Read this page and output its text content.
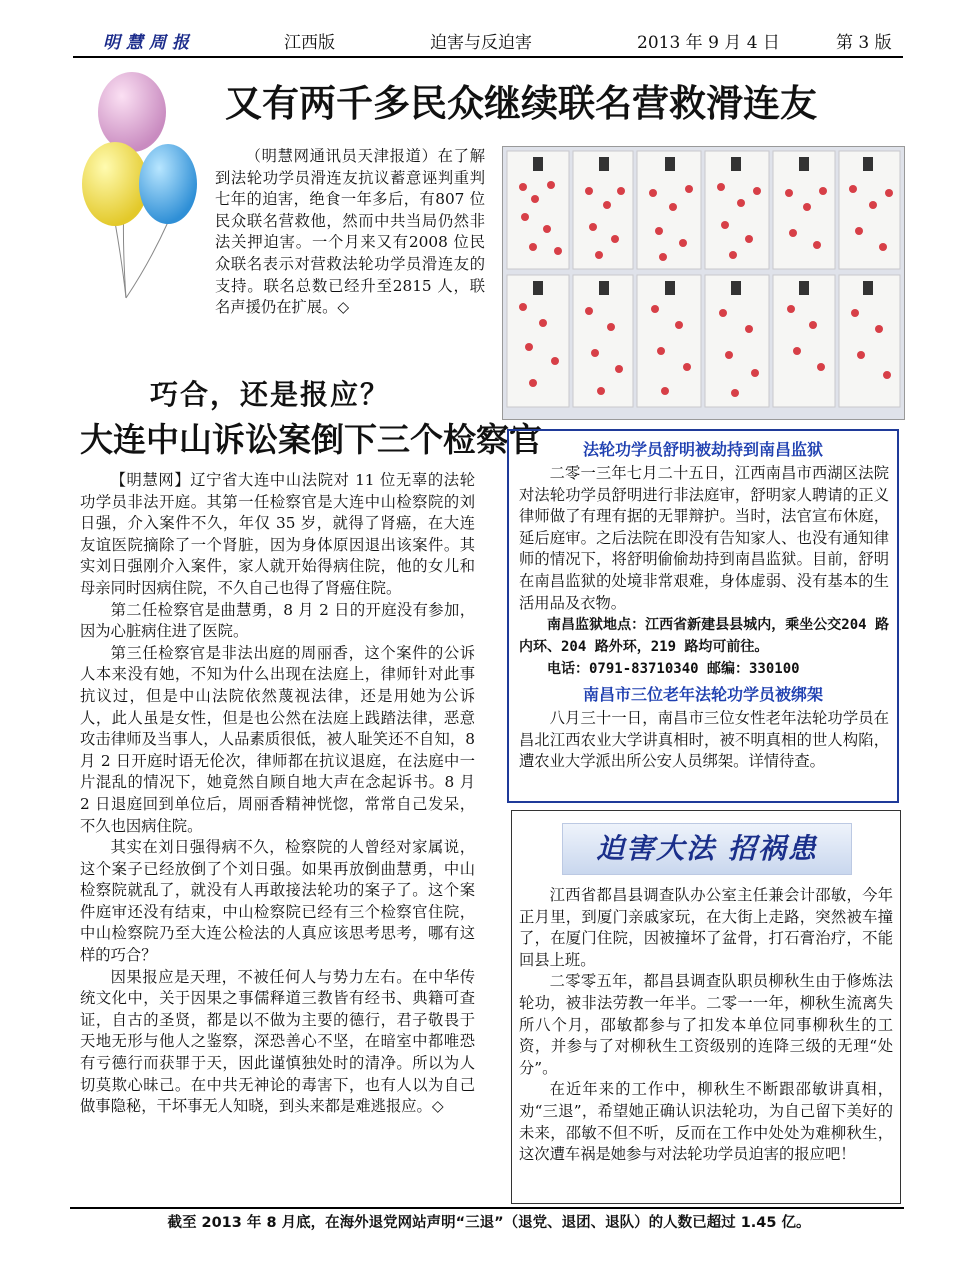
明慧周报	江西版	迫害与反迫害	2013 年 9 月 4 日	第 3 版
又有两千多民众继续联名营救滑连友

（明慧网通讯员天津报道）在了解到法轮功学员滑连友抗议蓄意诬判重判七年的迫害，绝食一年多后，有807 位民众联名营救他，然而中共当局仍然非法关押迫害。一个月来又有2008 位民众联名表示对营救法轮功学员滑连友的支持。联名总数已经升至2815 人，联名声援仍在扩展。◇

巧合，还是报应？
大连中山诉讼案倒下三个检察官

【明慧网】辽宁省大连中山法院对 11 位无辜的法轮功学员非法开庭。其第一任检察官是大连中山检察院的刘日强，介入案件不久，年仅 35 岁，就得了肾癌，在大连友谊医院摘除了一个肾脏，因为身体原因退出该案件。其实刘日强刚介入案件，家人就开始得病住院，他的女儿和母亲同时因病住院，不久自己也得了肾癌住院。

第二任检察官是曲慧勇，8 月 2 日的开庭没有参加，因为心脏病住进了医院。

第三任检察官是非法出庭的周丽香，这个案件的公诉人本来没有她，不知为什么出现在法庭上，律师针对此事抗议过，但是中山法院依然蔑视法律，还是用她为公诉人，此人虽是女性，但是也公然在法庭上践踏法律，恶意攻击律师及当事人，人品素质很低，被人耻笑还不自知，8 月 2 日开庭时语无伦次，律师都在抗议退庭，在法庭中一片混乱的情况下，她竟然自顾自地大声在念起诉书。8 月 2 日退庭回到单位后，周丽香精神恍惚，常常自己发呆，不久也因病住院。

其实在刘日强得病不久，检察院的人曾经对家属说，这个案子已经放倒了个刘日强。如果再放倒曲慧勇，中山检察院就乱了，就没有人再敢接法轮功的案子了。这个案件庭审还没有结束，中山检察院已经有三个检察官住院，中山检察院乃至大连公检法的人真应该思考思考，哪有这样的巧合？

因果报应是天理，不被任何人与势力左右。在中华传统文化中，关于因果之事儒释道三教皆有经书、典籍可查证，自古的圣贤，都是以不做为主要的德行，君子敬畏于天地无形与他人之鉴察，深恐善心不坚，在暗室中都唯恐有亏德行而获罪于天，因此谨慎独处时的清净。所以为人切莫欺心昧己。在中共无神论的毒害下，也有人以为自己做事隐秘，干坏事无人知晓，到头来都是难逃报应。◇

法轮功学员舒明被劫持到南昌监狱

二零一三年七月二十五日，江西南昌市西湖区法院对法轮功学员舒明进行非法庭审，舒明家人聘请的正义律师做了有理有据的无罪辩护。当时，法官宣布休庭，延后庭审。之后法院在即没有告知家人、也没有通知律师的情况下，将舒明偷偷劫持到南昌监狱。目前，舒明在南昌监狱的处境非常艰难，身体虚弱、没有基本的生活用品及衣物。

南昌监狱地点：江西省新建县县城内，乘坐公交204 路内环、204 路外环，219 路均可前往。

电话：0791-83710340 邮编：330100

南昌市三位老年法轮功学员被绑架

八月三十一日，南昌市三位女性老年法轮功学员在昌北江西农业大学讲真相时，被不明真相的世人构陷，遭农业大学派出所公安人员绑架。详情待查。

迫害大法 招祸患

江西省都昌县调查队办公室主任兼会计邵敏，今年正月里，到厦门亲戚家玩，在大街上走路，突然被车撞了，在厦门住院，因被撞坏了盆骨，打石膏治疗，不能回县上班。

二零零五年，都昌县调查队职员柳秋生由于修炼法轮功，被非法劳教一年半。二零一一年，柳秋生流离失所八个月，邵敏都参与了扣发本单位同事柳秋生的工资，并参与了对柳秋生工资级别的连降三级的无理“处分”。

在近年来的工作中，柳秋生不断跟邵敏讲真相，劝“三退”，希望她正确认识法轮功，为自己留下美好的未来，邵敏不但不听，反而在工作中处处为难柳秋生，这次遭车祸是她参与对法轮功学员迫害的报应吧！

截至 2013 年 8 月底，在海外退党网站声明“三退”（退党、退团、退队）的人数已超过 1.45 亿。
